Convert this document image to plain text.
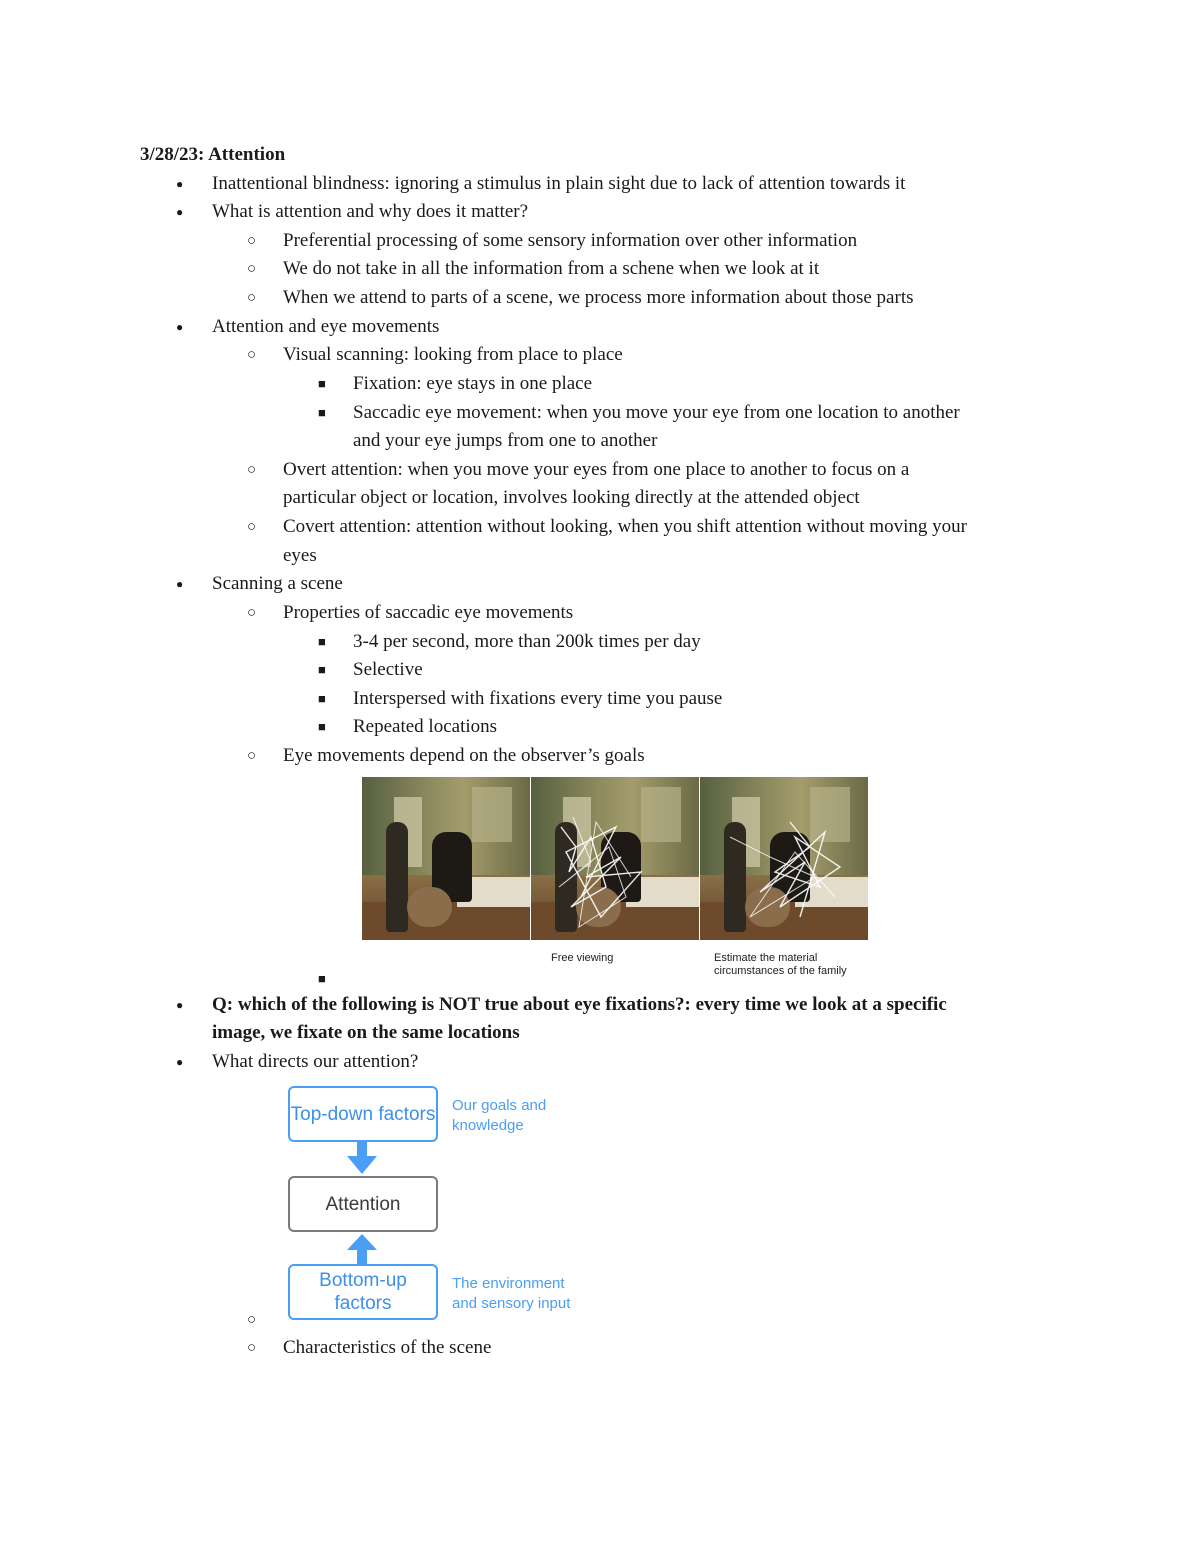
3/28/23: Attention
● Inattentional blindness: ignoring a stimulus in plain sight due to lack of attention towards it
● What is attention and why does it matter?
○ Preferential processing of some sensory information over other information
○ We do not take in all the information from a schene when we look at it
○ When we attend to parts of a scene, we process more information about those parts
● Attention and eye movements
○ Visual scanning: looking from place to place
■ Fixation: eye stays in one place
■ Saccadic eye movement: when you move your eye from one location to another
and your eye jumps from one to another
○ Overt attention: when you move your eyes from one place to another to focus on a
particular object or location, involves looking directly at the attended object
○ Covert attention: attention without looking, when you shift attention without moving your
eyes
● Scanning a scene
○ Properties of saccadic eye movements
■ 3-4 per second, more than 200k times per day
■ Selective
■ Interspersed with fixations every time you pause
■ Repeated locations
○ Eye movements depend on the observer’s goals
Free viewing	Estimate the material
circumstances of the family
■
● Q: which of the following is NOT true about eye fixations?: every time we look at a specific
image, we fixate on the same locations
● What directs our attention?
Top-down factors Our goals and
knowledge
Attention
Bottom-up factors
The environment
and sensory input
○
○ Characteristics of the scene
